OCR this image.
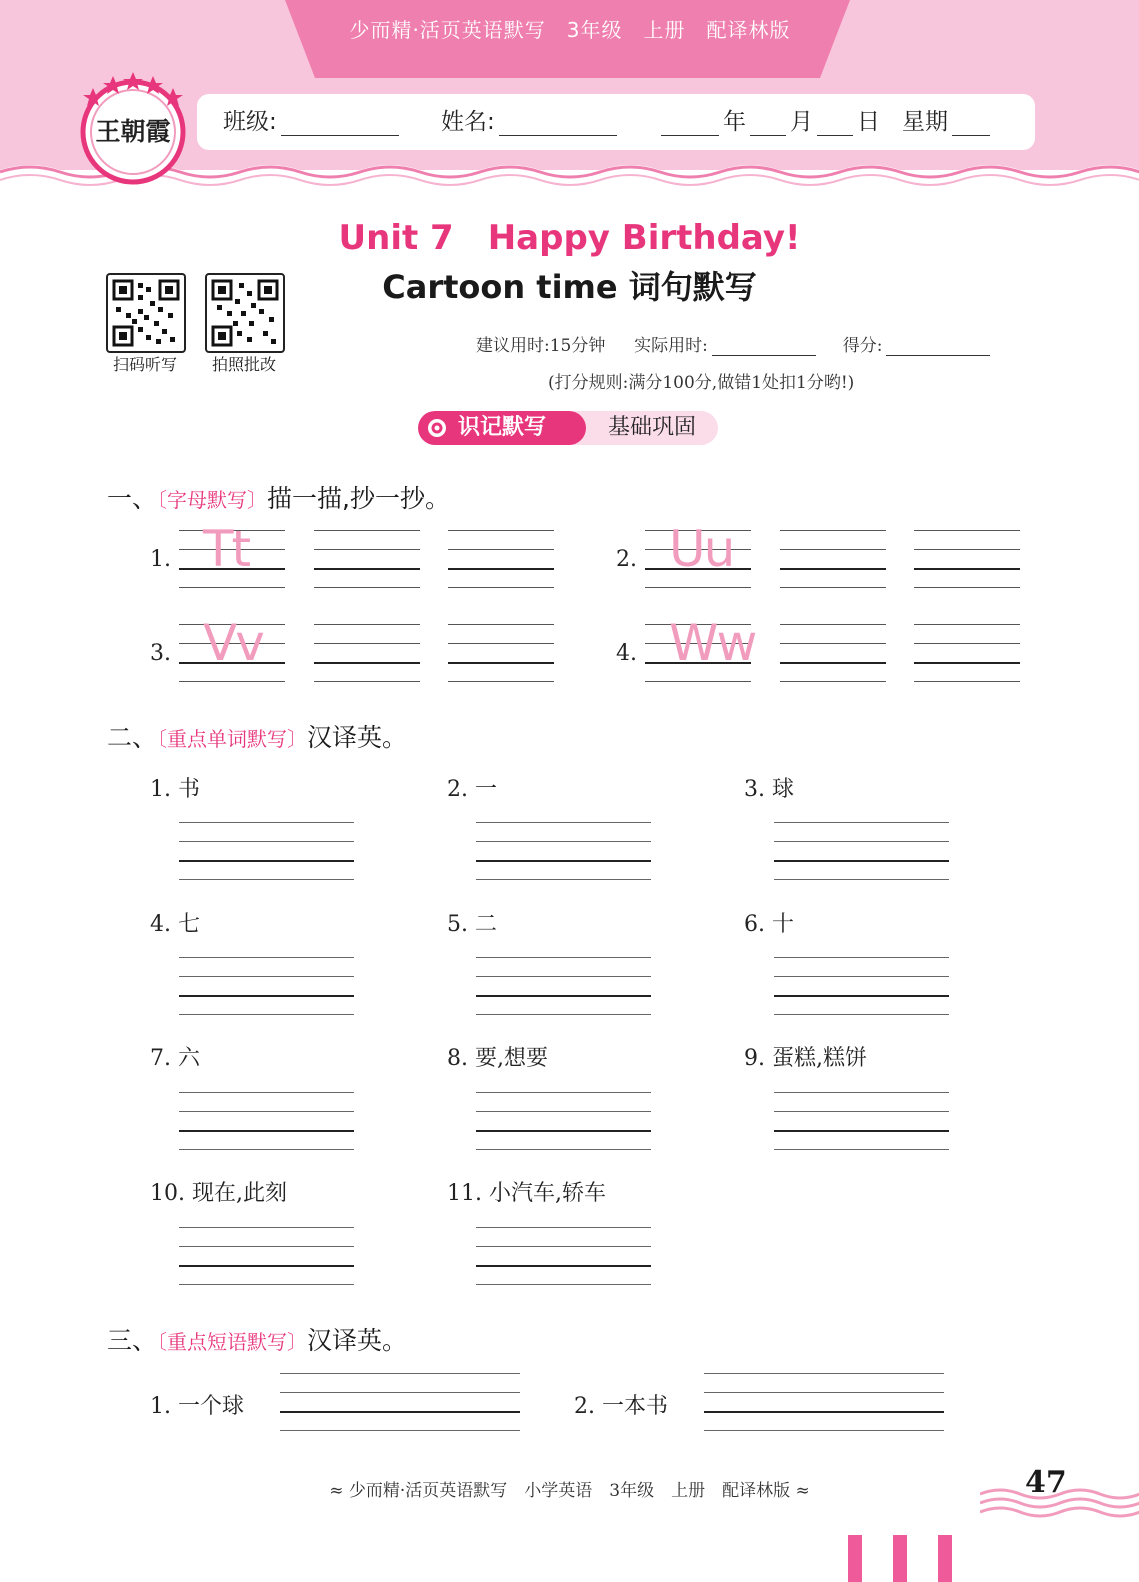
少而精·活页英语默写　3年级　上册　配译林版
王朝霞	班级:	姓名:	年 月 日 星期
Unit 7　Happy Birthday!
Cartoon time 词句默写
扫码听写	拍照批改
建议用时:15分钟 实际用时:	得分:
(打分规则:满分100分,做错1处扣1分哟!)
基础巩固
识记默写
一、〔字母默写〕描一描,抄一抄。
1. Tt	2. Uu
3. Vv	4. Ww
二、〔重点单词默写〕汉译英。
1. 书	2. 一	3. 球
4. 七	5. 二	6. 十
7. 六	8. 要,想要	9. 蛋糕,糕饼
10. 现在,此刻	11. 小汽车,轿车
三、〔重点短语默写〕汉译英。
1. 一个球	2. 一本书
≈ 少而精·活页英语默写　小学英语　3年级　上册　配译林版 ≈	47
